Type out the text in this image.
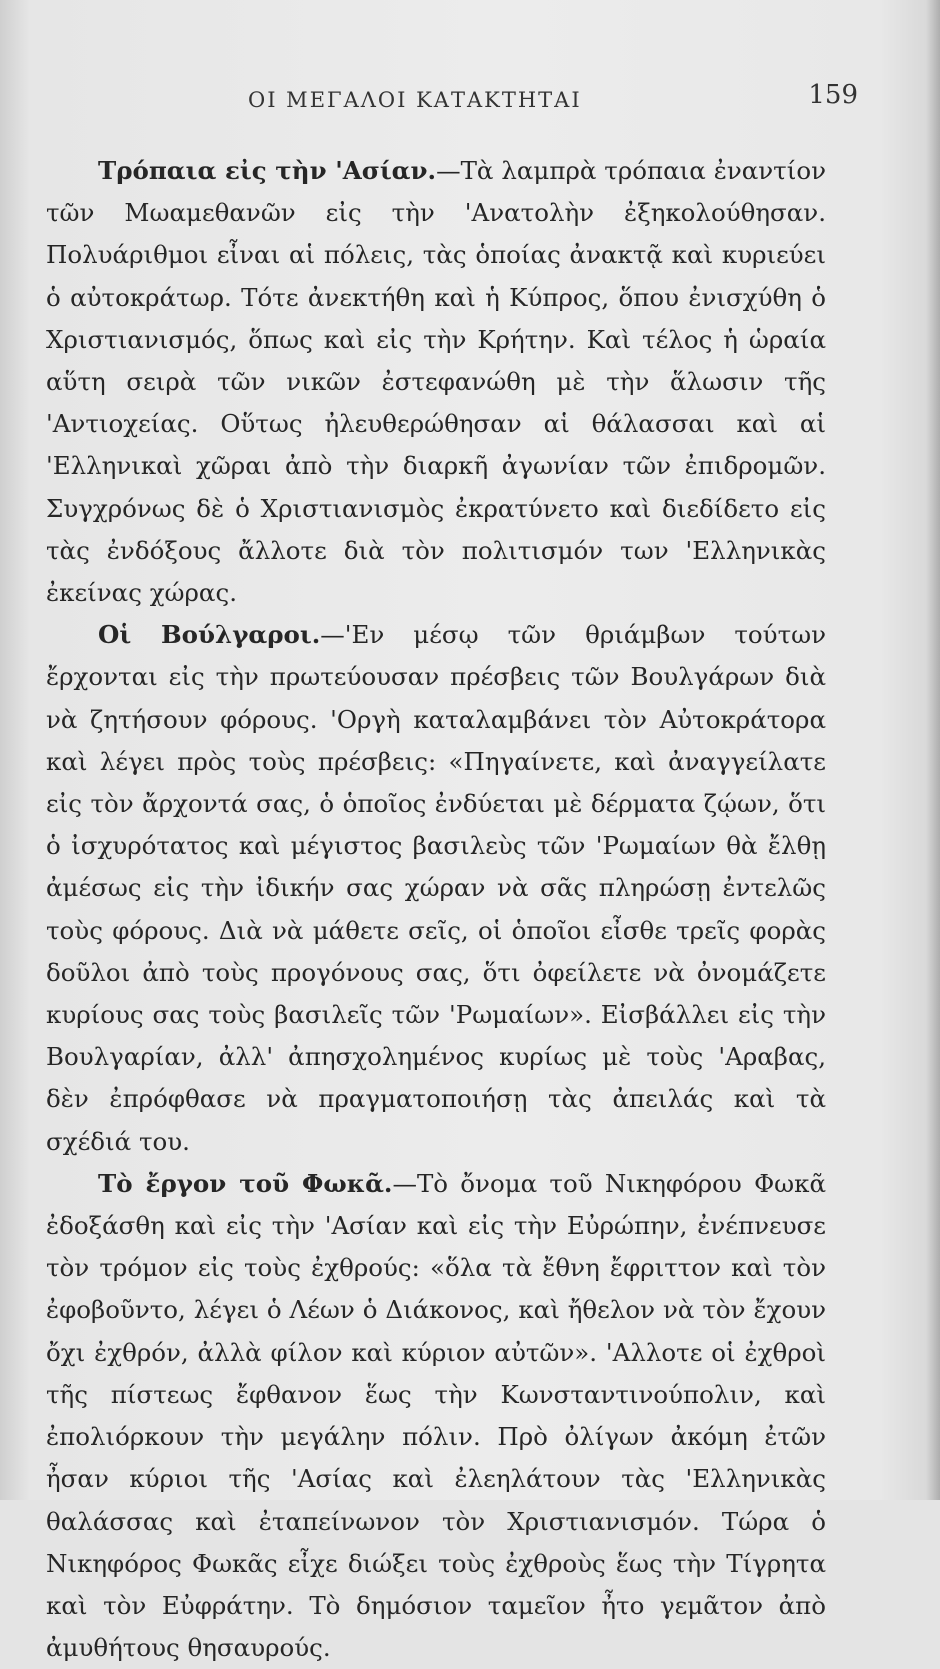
ΟΙ ΜΕΓΑΛΟΙ ΚΑΤΑΚΤΗΤΑΙ	159

Τρόπαια εἰς τὴν 'Ασίαν.—Τὰ λαμπρὰ τρόπαια ἐναντίον τῶν Μωαμεθανῶν εἰς τὴν 'Ανατολὴν ἐξηκολούθησαν. Πολυάριθμοι εἶναι αἱ πόλεις, τὰς ὁποίας ἀνακτᾷ καὶ κυριεύει ὁ αὐτοκράτωρ. Τότε ἀνεκτήθη καὶ ἡ Κύπρος, ὅπου ἐνισχύθη ὁ Χριστιανισμός, ὅπως καὶ εἰς τὴν Κρήτην. Καὶ τέλος ἡ ὡραία αὕτη σειρὰ τῶν νικῶν ἐστεφανώθη μὲ τὴν ἅλωσιν τῆς 'Αντιοχείας. Οὕτως ἠλευθερώθησαν αἱ θάλασσαι καὶ αἱ 'Ελληνικαὶ χῶραι ἀπὸ τὴν διαρκῆ ἀγωνίαν τῶν ἐπιδρομῶν. Συγχρόνως δὲ ὁ Χριστιανισμὸς ἐκρατύνετο καὶ διεδίδετο εἰς τὰς ἐνδόξους ἄλλοτε διὰ τὸν πολιτισμόν των 'Ελληνικὰς ἐκείνας χώρας.

Οἱ Βούλγαροι.—'Εν μέσῳ τῶν θριάμβων τούτων ἔρχονται εἰς τὴν πρωτεύουσαν πρέσβεις τῶν Βουλγάρων διὰ νὰ ζητήσουν φόρους. 'Οργὴ καταλαμβάνει τὸν Αὐτοκράτορα καὶ λέγει πρὸς τοὺς πρέσβεις: «Πηγαίνετε, καὶ ἀναγγείλατε εἰς τὸν ἄρχοντά σας, ὁ ὁποῖος ἐνδύεται μὲ δέρματα ζῴων, ὅτι ὁ ἰσχυρότατος καὶ μέγιστος βασιλεὺς τῶν 'Ρωμαίων θὰ ἔλθῃ ἀμέσως εἰς τὴν ἰδικήν σας χώραν νὰ σᾶς πληρώσῃ ἐντελῶς τοὺς φόρους. Διὰ νὰ μάθετε σεῖς, οἱ ὁποῖοι εἶσθε τρεῖς φορὰς δοῦλοι ἀπὸ τοὺς προγόνους σας, ὅτι ὀφείλετε νὰ ὀνομάζετε κυρίους σας τοὺς βασιλεῖς τῶν 'Ρωμαίων». Εἰσβάλλει εἰς τὴν Βουλγαρίαν, ἀλλ' ἀπησχολημένος κυρίως μὲ τοὺς 'Αραβας, δὲν ἐπρόφθασε νὰ πραγματοποιήσῃ τὰς ἀπειλάς καὶ τὰ σχέδιά του.

Τὸ ἔργον τοῦ Φωκᾶ.—Τὸ ὄνομα τοῦ Νικηφόρου Φωκᾶ ἐδοξάσθη καὶ εἰς τὴν 'Ασίαν καὶ εἰς τὴν Εὐρώπην, ἐνέπνευσε τὸν τρόμον εἰς τοὺς ἐχθρούς: «ὅλα τὰ ἔθνη ἔφριττον καὶ τὸν ἐφοβοῦντο, λέγει ὁ Λέων ὁ Διάκονος, καὶ ἤθελον νὰ τὸν ἔχουν ὄχι ἐχθρόν, ἀλλὰ φίλον καὶ κύριον αὐτῶν». 'Αλλοτε οἱ ἐχθροὶ τῆς πίστεως ἔφθανον ἕως τὴν Κωνσταντινούπολιν, καὶ ἐπολιόρκουν τὴν μεγάλην πόλιν. Πρὸ ὀλίγων ἀκόμη ἐτῶν ἦσαν κύριοι τῆς 'Ασίας καὶ ἐλεηλάτουν τὰς 'Ελληνικὰς θαλάσσας καὶ ἐταπείνωνον τὸν Χριστιανισμόν. Τώρα ὁ Νικηφόρος Φωκᾶς εἶχε διώξει τοὺς ἐχθροὺς ἕως τὴν Τίγρητα καὶ τὸν Εὐφράτην. Τὸ δημόσιον ταμεῖον ἦτο γεμᾶτον ἀπὸ ἀμυθήτους θησαυρούς.
